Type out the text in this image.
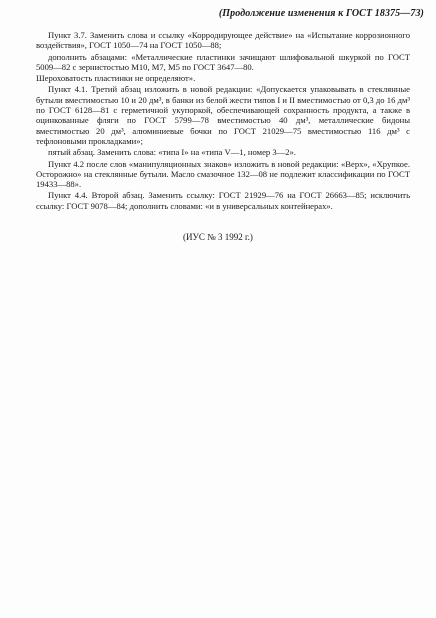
(Продолжение изменения к ГОСТ 18375—73)

Пункт 3.7. Заменить слова и ссылку «Корродирующее действие» на «Испытание коррозионного воздействия», ГОСТ 1050—74 на ГОСТ 1050—88;

дополнить абзацами: «Металлические пластинки зачищают шлифовальной шкуркой по ГОСТ 5009—82 с зернистостью М10, М7, М5 по ГОСТ 3647—80.

Шероховатость пластинки не определяют».

Пункт 4.1. Третий абзац изложить в новой редакции: «Допускается упаковывать в стеклянные бутыли вместимостью 10 и 20 дм³, в банки из белой жести типов I и II вместимостью от 0,3 до 16 дм³ по ГОСТ 6128—81 с герметичной укупоркой, обеспечивающей сохранность продукта, а также в оцинкованные фляги по ГОСТ 5799—78 вместимостью 40 дм³, металлические бидоны вместимостью 20 дм³, алюминиевые бочки по ГОСТ 21029—75 вместимостью 116 дм³ с тефлоновыми прокладками»;

пятый абзац. Заменить слова: «типа I» на «типа V—1, номер 3—2».

Пункт 4.2 после слов «манипуляционных знаков» изложить в новой редакции: «Верх», «Хрупкое. Осторожно» на стеклянные бутыли. Масло смазочное 132—08 не подлежит классификации по ГОСТ 19433—88».

Пункт 4.4. Второй абзац. Заменить ссылку: ГОСТ 21929—76 на ГОСТ 26663—85; исключить ссылку: ГОСТ 9078—84; дополнить словами: «и в универсальных контейнерах».

(ИУС № 3 1992 г.)
